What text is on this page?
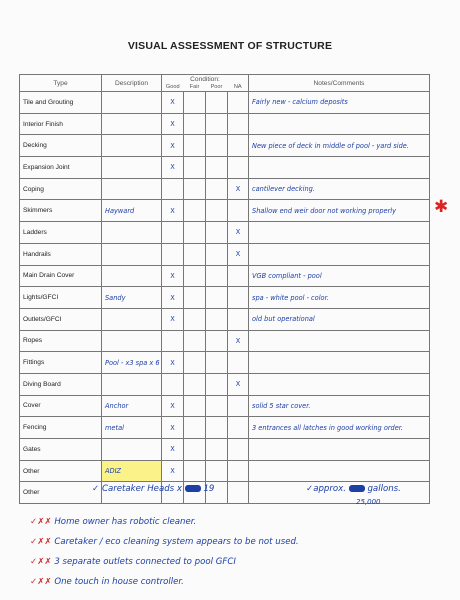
VISUAL ASSESSMENT OF STRUCTURE
Type	Description	Condition:				Notes/Comments
		Good	Fair	Poor	NA	
Tile and Grouting		X				Fairly new - calcium deposits
Interior Finish		X				
Decking		X				New piece of deck in middle of pool - yard side.
Expansion Joint		X				
Coping					X	cantilever decking.
Skimmers	Hayward	X				Shallow end weir door not working properly
Ladders					X	
Handrails					X	
Main Drain Cover		X				VGB compliant - pool
Lights/GFCI	Sandy	X				spa - white pool - color.
Outlets/GFCI		X				old but operational
Ropes					X	
Fittings	Pool - x3 spa x 6	X				
Diving Board					X	
Cover	Anchor	X				solid 5 star cover.
Fencing	metal	X				3 entrances all latches in good working order.
Gates		X				
Other	ADIZ	X				
Other						
✱
✓ Caretaker Heads x 19	✓approx. gallons.
25,000
✓✗✗ Home owner has robotic cleaner.
✓✗✗ Caretaker / eco cleaning system appears to be not used.
✓✗✗ 3 separate outlets connected to pool GFCI
✓✗✗ One touch in house controller.
